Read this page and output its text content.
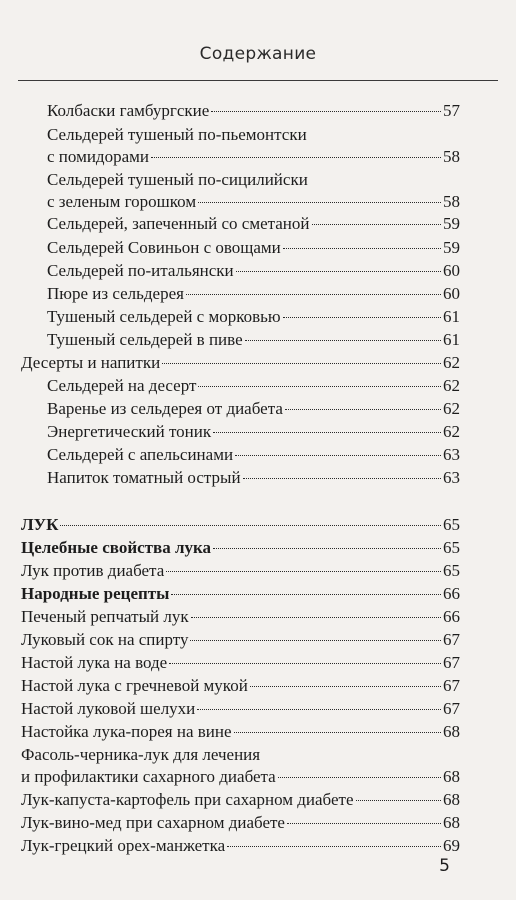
Содержание
Колбаски гамбургские	57
Сельдерей тушеный по-пьемонтски
с помидорами	58
Сельдерей тушеный по-сицилийски
с зеленым горошком	58
Сельдерей, запеченный со сметаной	59
Сельдерей Совиньон с овощами	59
Сельдерей по-итальянски	60
Пюре из сельдерея	60
Тушеный сельдерей с морковью	61
Тушеный сельдерей в пиве	61
Десерты и напитки	62
Сельдерей на десерт	62
Варенье из сельдерея от диабета	62
Энергетический тоник	62
Сельдерей с апельсинами	63
Напиток томатный острый	63
ЛУК	65
Целебные свойства лука	65
Лук против диабета	65
Народные рецепты	66
Печеный репчатый лук	66
Луковый сок на спирту	67
Настой лука на воде	67
Настой лука с гречневой мукой	67
Настой луковой шелухи	67
Настойка лука-порея на вине	68
Фасоль-черника-лук для лечения
и профилактики сахарного диабета	68
Лук-капуста-картофель при сахарном диабете	68
Лук-вино-мед при сахарном диабете	68
Лук-грецкий орех-манжетка	69
5
